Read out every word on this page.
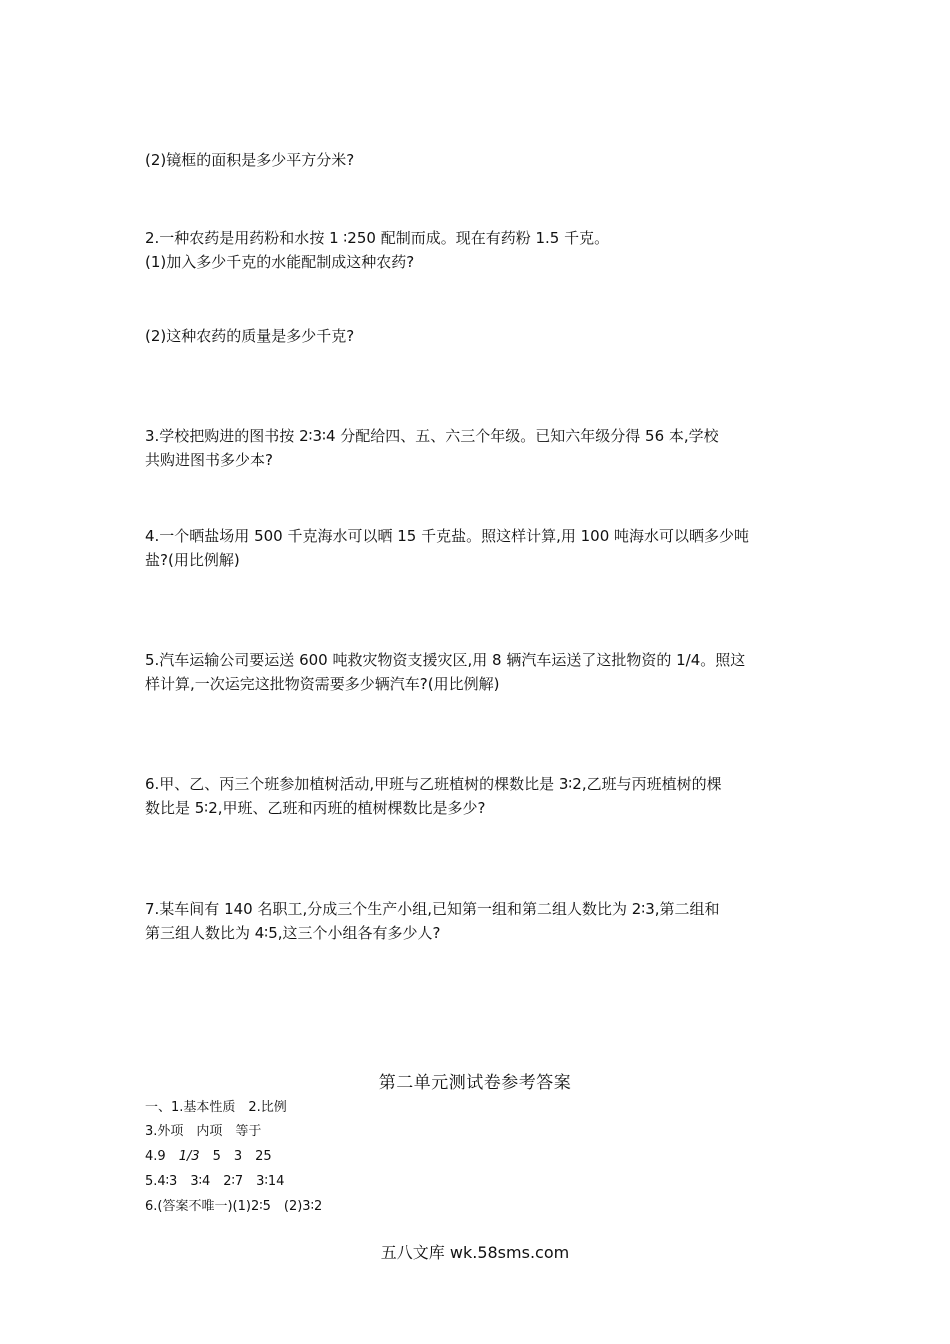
(2)镜框的面积是多少平方分米?
2.一种农药是用药粉和水按 1 ∶250 配制而成。现在有药粉 1.5 千克。
(1)加入多少千克的水能配制成这种农药?
(2)这种农药的质量是多少千克?
3.学校把购进的图书按 2∶3∶4 分配给四、五、六三个年级。已知六年级分得 56 本,学校
共购进图书多少本?
4.一个晒盐场用 500 千克海水可以晒 15 千克盐。照这样计算,用 100 吨海水可以晒多少吨
盐?(用比例解)
5.汽车运输公司要运送 600 吨救灾物资支援灾区,用 8 辆汽车运送了这批物资的 1/4。照这
样计算,一次运完这批物资需要多少辆汽车?(用比例解)
6.甲、乙、丙三个班参加植树活动,甲班与乙班植树的棵数比是 3∶2,乙班与丙班植树的棵
数比是 5∶2,甲班、乙班和丙班的植树棵数比是多少?
7.某车间有 140 名职工,分成三个生产小组,已知第一组和第二组人数比为 2∶3,第二组和
第三组人数比为 4∶5,这三个小组各有多少人?
第二单元测试卷参考答案
一、1.基本性质　2.比例
3.外项　内项　等于
4.9　1/3　5　3　25
5.4∶3　3∶4　2∶7　3∶14
6.(答案不唯一)(1)2∶5　(2)3∶2
五八文库 wk.58sms.com
